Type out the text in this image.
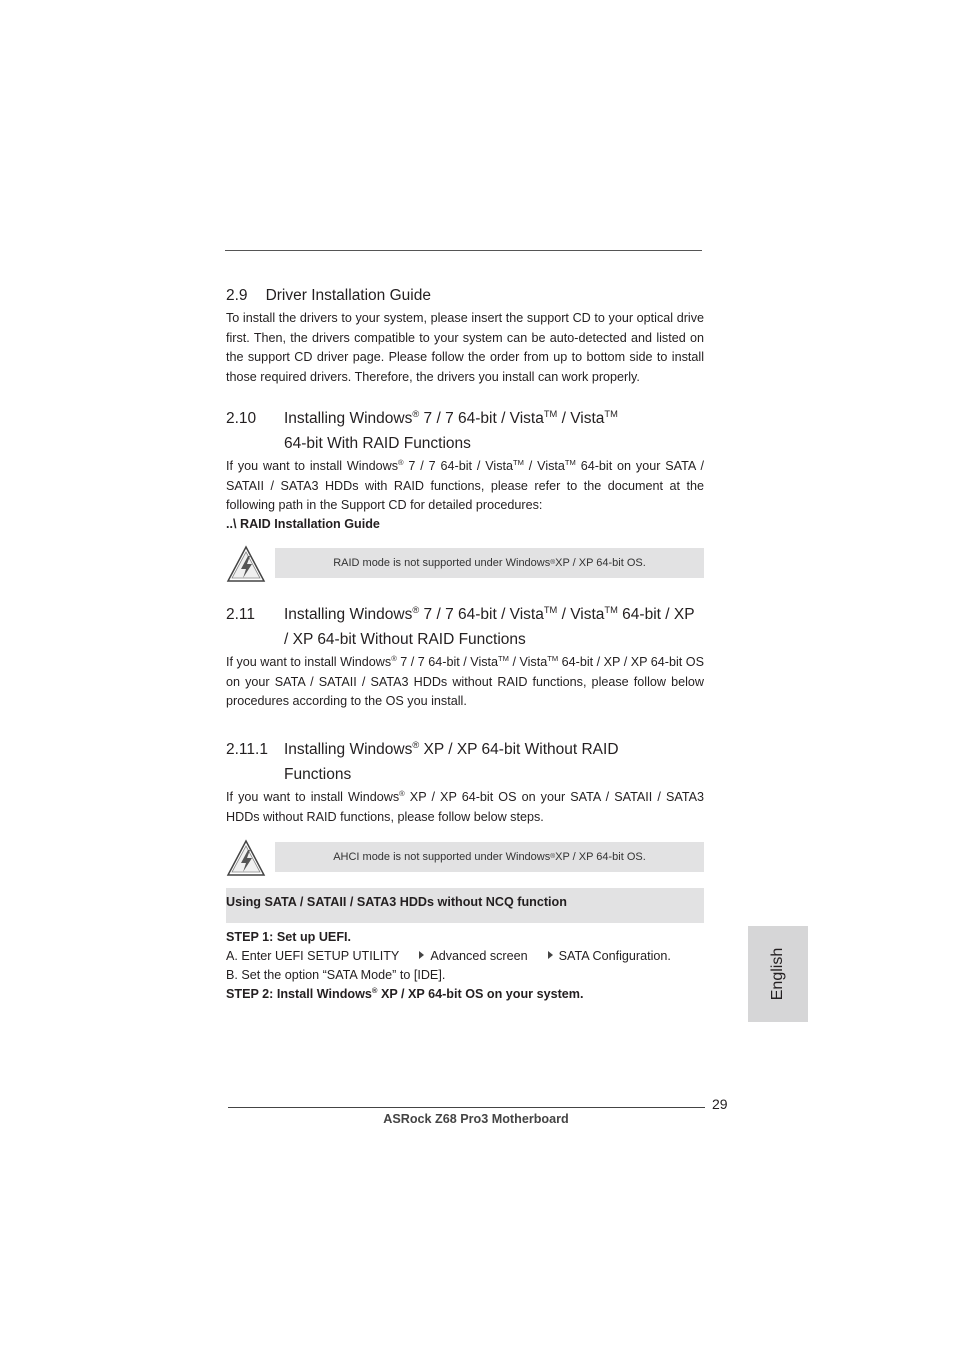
2.9 Driver Installation Guide
To install the drivers to your system, please insert the support CD to your optical drive first. Then, the drivers compatible to your system can be auto-detected and listed on the support CD driver page. Please follow the order from up to bottom side to install those required drivers. Therefore, the drivers you install can work properly.
2.10 Installing Windows® 7 / 7 64-bit / Vista™ / Vista™
64-bit With RAID Functions
If you want to install Windows® 7 / 7 64-bit / Vista™ / Vista™ 64-bit on your SATA / SATAII / SATA3 HDDs with RAID functions, please refer to the document at the following path in the Support CD for detailed procedures:
..\ RAID Installation Guide
RAID mode is not supported under Windows ® XP / XP 64-bit OS.
2.11 Installing Windows® 7 / 7 64-bit / Vista™ / Vista™ 64-bit / XP
/ XP 64-bit Without RAID Functions
If you want to install Windows® 7 / 7 64-bit / Vista™ / Vista™ 64-bit / XP / XP 64-bit OS on your SATA / SATAII / SATA3 HDDs without RAID functions, please follow below procedures according to the OS you install.
2.11.1 Installing Windows® XP / XP 64-bit Without RAID
Functions
If you want to install Windows® XP / XP 64-bit OS on your SATA / SATAII / SATA3 HDDs without RAID functions, please follow below steps.
AHCI mode is not supported under Windows ® XP / XP 64-bit OS.
Using SATA / SATAII / SATA3 HDDs without NCQ function
STEP 1: Set up UEFI.
A. Enter UEFI SETUP UTILITY Advanced screen SATA Configuration.
B. Set the option “SATA Mode” to [IDE].
STEP 2: Install Windows® XP / XP 64-bit OS on your system.	English
29
ASRock Z68 Pro3 Motherboard
